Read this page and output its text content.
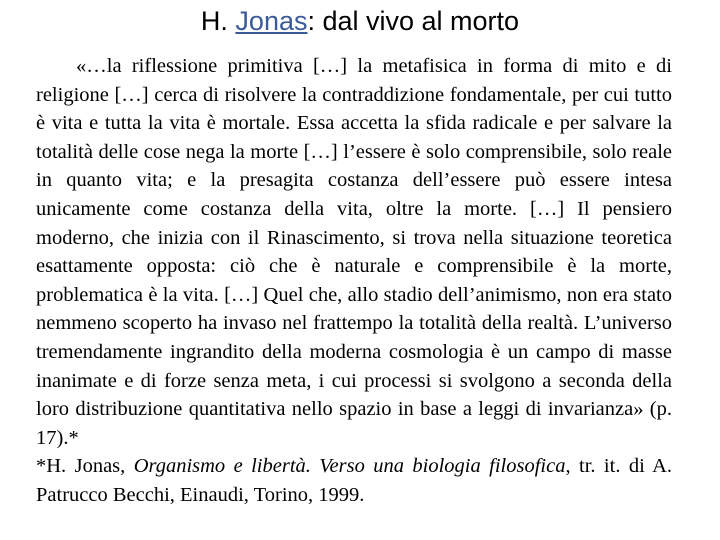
H. Jonas: dal vivo al morto

«…la riflessione primitiva […] la metafisica in forma di mito e di religione […] cerca di risolvere la contraddizione fondamentale, per cui tutto è vita e tutta la vita è mortale. Essa accetta la sfida radicale e per salvare la totalità delle cose nega la morte […] l’essere è solo comprensibile, solo reale in quanto vita; e la presagita costanza dell’essere può essere intesa unicamente come costanza della vita, oltre la morte. […] Il pensiero moderno, che inizia con il Rinascimento, si trova nella situazione teoretica esattamente opposta: ciò che è naturale e comprensibile è la morte, problematica è la vita. […] Quel che, allo stadio dell’animismo, non era stato nemmeno scoperto ha invaso nel frattempo la totalità della realtà. L’universo tremendamente ingrandito della moderna cosmologia è un campo di masse inanimate e di forze senza meta, i cui processi si svolgono a seconda della loro distribuzione quantitativa nello spazio in base a leggi di invarianza» (p. 17).*

*H. Jonas, Organismo e libertà. Verso una biologia filosofica, tr. it. di A. Patrucco Becchi, Einaudi, Torino, 1999.
